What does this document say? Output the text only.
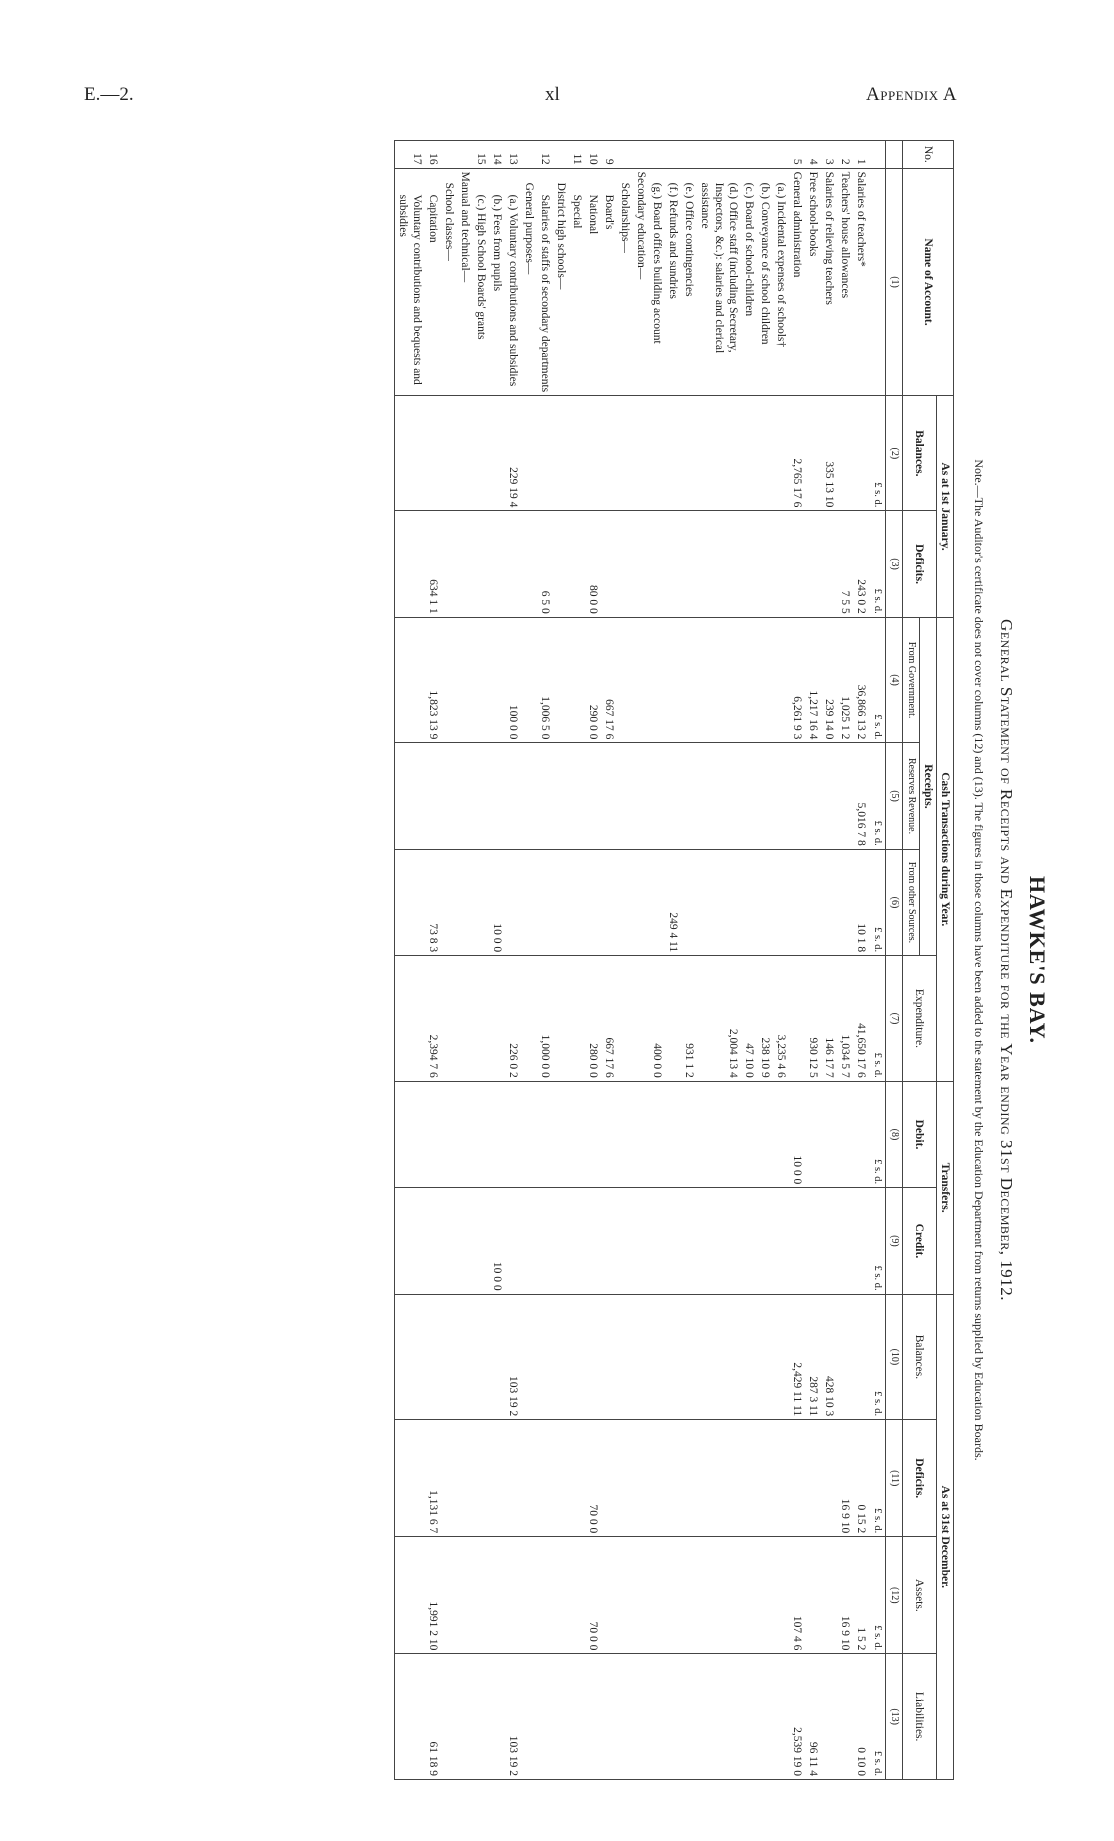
E.—2.	xl	Appendix A
HAWKE'S BAY.
General Statement of Receipts and Expenditure for the Year ending 31st December, 1912.
Note.—The Auditor's certificate does not cover columns (12) and (13). The figures in those columns have been added to the statement by the Education Department from returns supplied by Education Boards.
No.	Name of Account.	As at 1st January.		Cash Transactions during Year.				Transfers.		As at 31st December.			
		Balances.	Deficits.	Receipts.			Expenditure.	Debit.	Credit.	Balances.	Deficits.	Assets.	Liabilities.
				From Government.	Reserves Revenue.	From other Sources.							
	(1)	(2)	(3)	(4)	(5)	(6)	(7)	(8)	(9)	(10)	(11)	(12)	(13)
		£ s. d.	£ s. d.	£ s. d.	£ s. d.	£ s. d.	£ s. d.	£ s. d.	£ s. d.	£ s. d.	£ s. d.	£ s. d.	£ s. d.
1	Salaries of teachers*		243 0 2	36,866 13 2	5,016 7 8	10 1 8	41,650 17 6				0 15 2	1 5 2	0 10 0
2	Teachers' house allowances		7 5 5	1,025 1 2			1,034 5 7				16 9 10	16 9 10	
3	Salaries of relieving teachers	335 13 10		239 14 0			146 17 7			428 10 3			
4	Free school-books			1,217 16 4			930 12 5			287 3 11			96 11 4
5	General administration	2,765 17 6		6,261 9 3				10 0 0		2,429 11 11		107 4 6	2,539 19 0
	(a.) Incidental expenses of schools†						3,235 4 6						
	(b.) Conveyance of school children						238 10 9						
	(c.) Board of school-children						47 10 0						
	(d.) Office staff (including Secretary, Inspectors, &c.): salaries and clerical assistance						2,004 13 4						
	(e.) Office contingencies						931 1 2						
	(f.) Refunds and sundries					249 4 11							
	(g.) Board offices building account						400 0 0						
	Secondary education—												
	Scholarships—												
9	Board's			667 17 6			667 17 6						
10	National		80 0 0	290 0 0			280 0 0				70 0 0	70 0 0	
11	Special												
	District high schools—												
12	Salaries of staffs of secondary departments		6 5 0	1,006 5 0			1,000 0 0						
	General purposes—												
13	(a.) Voluntary contributions and subsidies	229 19 4		100 0 0			226 0 2			103 19 2			103 19 2
14	(b.) Fees from pupils					10 0 0			10 0 0				
15	(c.) High School Boards' grants												
	Manual and technical—												
	School classes—												
16	Capitation		634 1 1	1,823 13 9		73 8 3	2,394 7 6				1,131 6 7	1,991 2 10	61 18 9
17	Voluntary contributions and bequests and subsidies												
